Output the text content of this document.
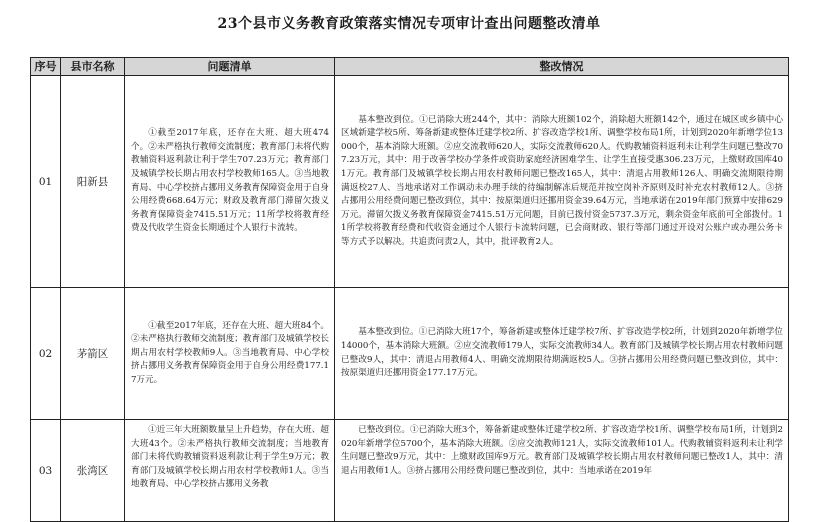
23个县市义务教育政策落实情况专项审计查出问题整改清单
序号	县市名称	问题清单	整改情况
01	阳新县	①截至2017年底，还存在大班、超大班474个。②未严格执行教师交流制度；教育部门未将代购教辅资料返利款让利于学生707.23万元；教育部门及城镇学校长期占用农村学校教师165人。③当地教育局、中心学校挤占挪用义务教育保障资金用于自身公用经费668.64万元；财政及教育部门滞留欠拨义务教育保障资金7415.51万元；11所学校将教育经费及代收学生资金长期通过个人银行卡流转。	基本整改到位。①已消除大班244个，其中：消除大班额102个，消除超大班额142个，通过在城区或乡镇中心区域新建学校5所、筹备新建或整体迁建学校2所、扩容改造学校1所、调整学校布局1所，计划到2020年新增学位13000个，基本消除大班额。②应交流教师620人，实际交流教师620人。代购教辅资料返利未让利学生问题已整改707.23万元，其中：用于改善学校办学条件或资助家庭经济困难学生、让学生直接受惠306.23万元，上缴财政国库401万元。教育部门及城镇学校长期占用农村教师问题已整改165人，其中：清退占用教师126人、明确交流期限待期满返校27人、当地承诺对工作调动未办理手续的待编制解冻后规范并按空岗补齐原则及时补充农村教师12人。③挤占挪用公用经费问题已整改到位，其中：按原渠道归还挪用资金39.64万元，当地承诺在2019年部门预算中安排629万元。滞留欠拨义务教育保障资金7415.51万元问题，目前已拨付资金5737.3万元，剩余资金年底前可全部拨付。11所学校将教育经费和代收资金通过个人银行卡流转问题，已会商财政、银行等部门通过开设对公账户或办理公务卡等方式予以解决。共追责问责2人，其中，批评教育2人。

02	茅箭区	①截至2017年底，还存在大班、超大班84个。②未严格执行教师交流制度；教育部门及城镇学校长期占用农村学校教师9人。③当地教育局、中心学校挤占挪用义务教育保障资金用于自身公用经费177.17万元。	基本整改到位。①已消除大班17个，筹备新建或整体迁建学校7所、扩容改造学校2所，计划到2020年新增学位14000个，基本消除大班额。②应交流教师179人，实际交流教师34人。教育部门及城镇学校长期占用农村教师问题已整改9人，其中：清退占用教师4人、明确交流期限待期满返校5人。③挤占挪用公用经费问题已整改到位，其中：按原渠道归还挪用资金177.17万元。

03	张湾区	①近三年大班额数量呈上升趋势，存在大班、超大班43个。②未严格执行教师交流制度；当地教育部门未将代购教辅资料返利款让利于学生9万元；教育部门及城镇学校长期占用农村学校教师1人。③当地教育局、中心学校挤占挪用义务教	已整改到位。①已消除大班3个，筹备新建或整体迁建学校2所、扩容改造学校1所、调整学校布局1所，计划到2020年新增学位5700个，基本消除大班额。②应交流教师121人，实际交流教师101人。代购教辅资料返利未让利学生问题已整改9万元，其中：上缴财政国库9万元。教育部门及城镇学校长期占用农村教师问题已整改1人，其中：清退占用教师1人。③挤占挪用公用经费问题已整改到位，其中：当地承诺在2019年
